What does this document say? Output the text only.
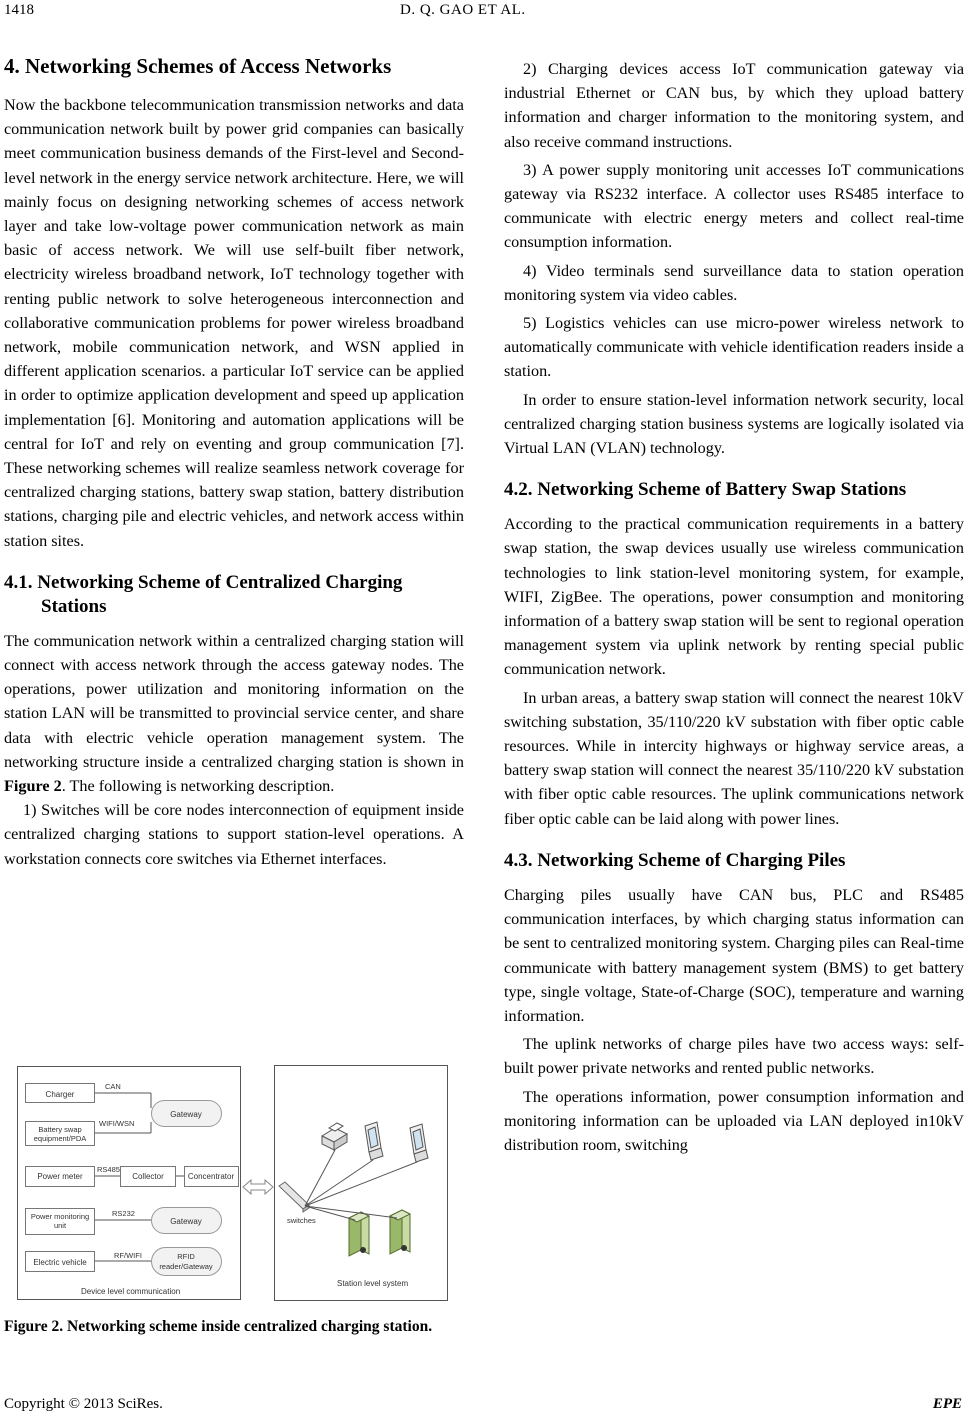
1418	D. Q. GAO ET AL.
4. Networking Schemes of Access Networks

Now the backbone telecommunication transmission networks and data communication network built by power grid companies can basically meet communication business demands of the First-level and Second-level network in the energy service network architecture. Here, we will mainly focus on designing networking schemes of access network layer and take low-voltage power communication network as main basic of access network. We will use self-built fiber network, electricity wireless broadband network, IoT technology together with renting public network to solve heterogeneous interconnection and collaborative communication problems for power wireless broadband network, mobile communication network, and WSN applied in different application scenarios. a particular IoT service can be applied in order to optimize application development and speed up application implementation [6]. Monitoring and automation applications will be central for IoT and rely on eventing and group communication [7]. These networking schemes will realize seamless network coverage for centralized charging stations, battery swap station, battery distribution stations, charging pile and electric vehicles, and network access within station sites.

4.1. Networking Scheme of Centralized Charging Stations

The communication network within a centralized charging station will connect with access network through the access gateway nodes. The operations, power utilization and monitoring information on the station LAN will be transmitted to provincial service center, and share data with electric vehicle operation management system. The networking structure inside a centralized charging station is shown in Figure 2. The following is networking description.

1) Switches will be core nodes interconnection of equipment inside centralized charging stations to support station-level operations. A workstation connects core switches via Ethernet interfaces.

Charger
Battery swap
equipment/PDA
Power meter
Power monitoring
unit
Electric vehicle
Collector	Concentrator
Gateway
Gateway
RFID
reader/Gateway
CAN
WIFI/WSN
RS485
RS232
RF/WIFI
Device level communication
switches
Station level system
Figure 2. Networking scheme inside centralized charging station.

2) Charging devices access IoT communication gateway via industrial Ethernet or CAN bus, by which they upload battery information and charger information to the monitoring system, and also receive command instructions.

3) A power supply monitoring unit accesses IoT communications gateway via RS232 interface. A collector uses RS485 interface to communicate with electric energy meters and collect real-time consumption information.

4) Video terminals send surveillance data to station operation monitoring system via video cables.

5) Logistics vehicles can use micro-power wireless network to automatically communicate with vehicle identification readers inside a station.

In order to ensure station-level information network security, local centralized charging station business systems are logically isolated via Virtual LAN (VLAN) technology.

4.2. Networking Scheme of Battery Swap Stations

According to the practical communication requirements in a battery swap station, the swap devices usually use wireless communication technologies to link station-level monitoring system, for example, WIFI, ZigBee. The operations, power consumption and monitoring information of a battery swap station will be sent to regional operation management system via uplink network by renting special public communication network.

In urban areas, a battery swap station will connect the nearest 10kV switching substation, 35/110/220 kV substation with fiber optic cable resources. While in intercity highways or highway service areas, a battery swap station will connect the nearest 35/110/220 kV substation with fiber optic cable resources. The uplink communications network fiber optic cable can be laid along with power lines.

4.3. Networking Scheme of Charging Piles

Charging piles usually have CAN bus, PLC and RS485 communication interfaces, by which charging status information can be sent to centralized monitoring system. Charging piles can Real-time communicate with battery management system (BMS) to get battery type, single voltage, State-of-Charge (SOC), temperature and warning information.

The uplink networks of charge piles have two access ways: self-built power private networks and rented public networks.

The operations information, power consumption information and monitoring information can be uploaded via LAN deployed in10kV distribution room, switching

Copyright © 2013 SciRes.	EPE
